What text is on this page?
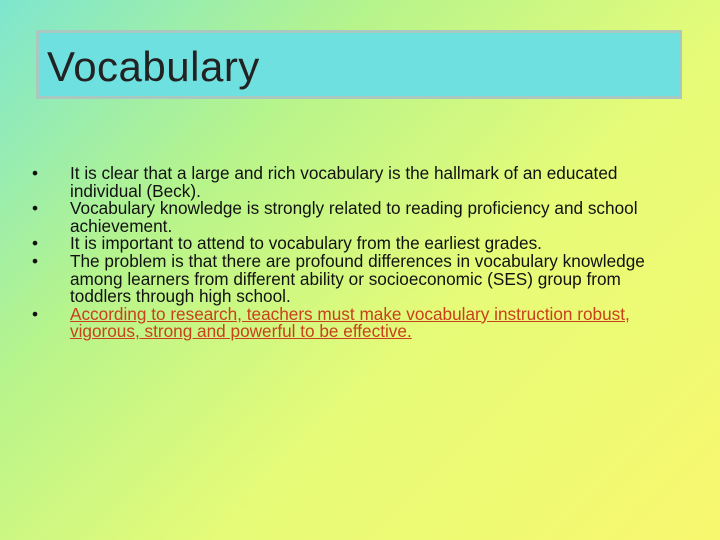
Vocabulary
• It is clear that a large and rich vocabulary is the hallmark of an educated individual (Beck).
• Vocabulary knowledge is strongly related to reading proficiency and school achievement.
• It is important to attend to vocabulary from the earliest grades.
• The problem is that there are profound differences in vocabulary knowledge among learners from different ability or socioeconomic (SES) group from toddlers through high school.
• According to research, teachers must make vocabulary instruction robust, vigorous, strong and powerful to be effective.
